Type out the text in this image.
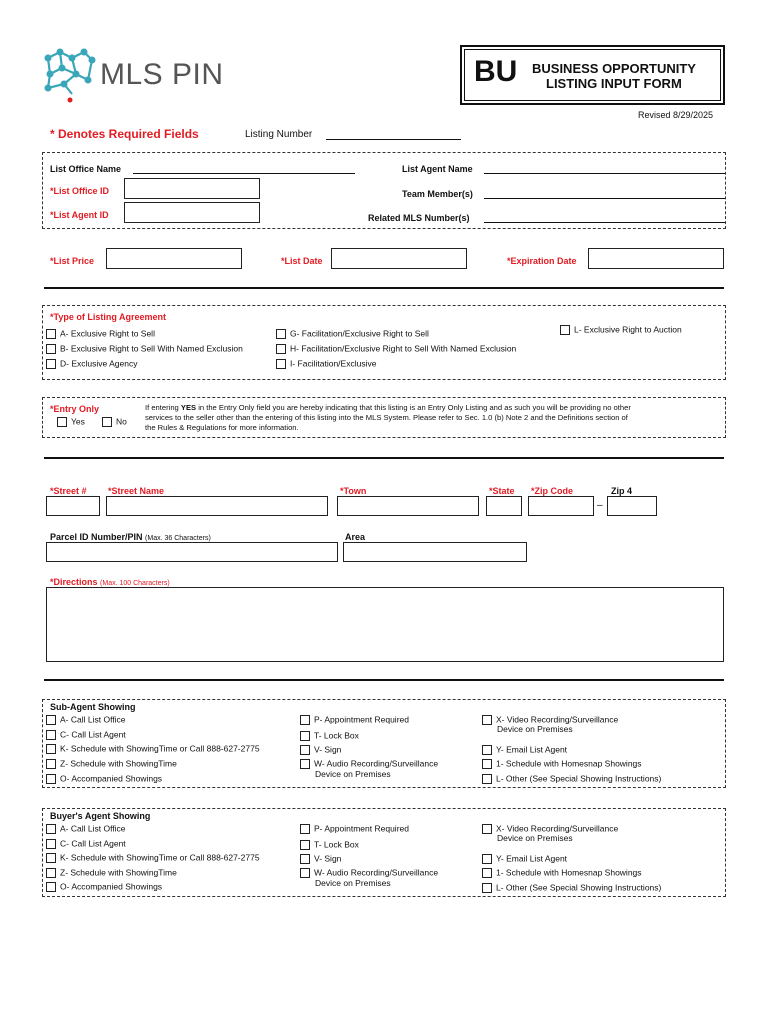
MLS PIN	BU BUSINESS OPPORTUNITY
LISTING INPUT FORM
Revised 8/29/2025
* Denotes Required Fields	Listing Number
List Office Name
*List Office ID
*List Agent ID
List Agent Name
Team Member(s)
Related MLS Number(s)
*List Price	*List Date	*Expiration Date
*Type of Listing Agreement
A- Exclusive Right to Sell
B- Exclusive Right to Sell With Named Exclusion
D- Exclusive Agency
G- Facilitation/Exclusive Right to Sell
H- Facilitation/Exclusive Right to Sell With Named Exclusion
I- Facilitation/Exclusive
L- Exclusive Right to Auction
*Entry Only
Yes	No
If entering YES in the Entry Only field you are hereby indicating that this listing is an Entry Only Listing and as such you will be providing no other
services to the seller other than the entering of this listing into the MLS System. Please refer to Sec. 1.0 (b) Note 2 and the Definitions section of
the Rules & Regulations for more information.
*Street # *Street Name	*Town	*State *Zip Code
–
Zip 4
Parcel ID Number/PIN (Max. 36 Characters)	Area
*Directions (Max. 100 Characters)
Sub-Agent Showing
A- Call List Office
C- Call List Agent
K- Schedule with ShowingTime or Call 888-627-2775
Z- Schedule with ShowingTime
O- Accompanied Showings
P- Appointment Required
T- Lock Box
V- Sign
W- Audio Recording/Surveillance
Device on Premises
X- Video Recording/Surveillance
Device on Premises
Y- Email List Agent
1- Schedule with Homesnap Showings
L- Other (See Special Showing Instructions)
Buyer's Agent Showing
A- Call List Office
C- Call List Agent
K- Schedule with ShowingTime or Call 888-627-2775
Z- Schedule with ShowingTime
O- Accompanied Showings
P- Appointment Required
T- Lock Box
V- Sign
W- Audio Recording/Surveillance
Device on Premises
X- Video Recording/Surveillance
Device on Premises
Y- Email List Agent
1- Schedule with Homesnap Showings
L- Other (See Special Showing Instructions)
